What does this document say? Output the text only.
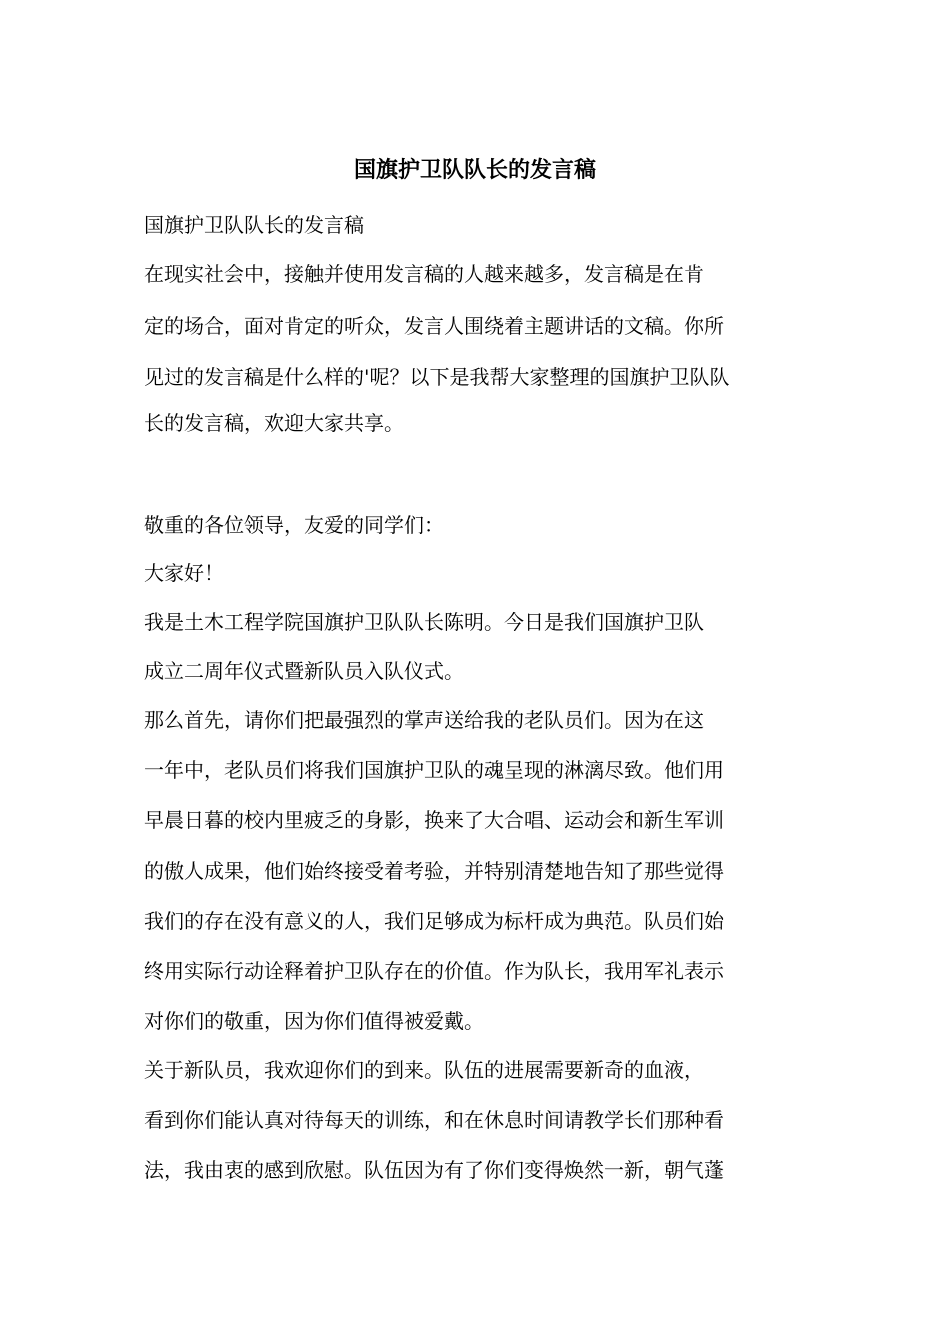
国旗护卫队队长的发言稿

国旗护卫队队长的发言稿

在现实社会中，接触并使用发言稿的人越来越多，发言稿是在肯

定的场合，面对肯定的听众，发言人围绕着主题讲话的文稿。你所

见过的发言稿是什么样的'呢？以下是我帮大家整理的国旗护卫队队

长的发言稿，欢迎大家共享。

敬重的各位领导，友爱的同学们：

大家好！

我是土木工程学院国旗护卫队队长陈明。今日是我们国旗护卫队

成立二周年仪式暨新队员入队仪式。

那么首先，请你们把最强烈的掌声送给我的老队员们。因为在这

一年中，老队员们将我们国旗护卫队的魂呈现的淋漓尽致。他们用

早晨日暮的校内里疲乏的身影，换来了大合唱、运动会和新生军训

的傲人成果，他们始终接受着考验，并特别清楚地告知了那些觉得

我们的存在没有意义的人，我们足够成为标杆成为典范。队员们始

终用实际行动诠释着护卫队存在的价值。作为队长，我用军礼表示

对你们的敬重，因为你们值得被爱戴。

关于新队员，我欢迎你们的到来。队伍的进展需要新奇的血液，

看到你们能认真对待每天的训练，和在休息时间请教学长们那种看

法，我由衷的感到欣慰。队伍因为有了你们变得焕然一新，朝气蓬
